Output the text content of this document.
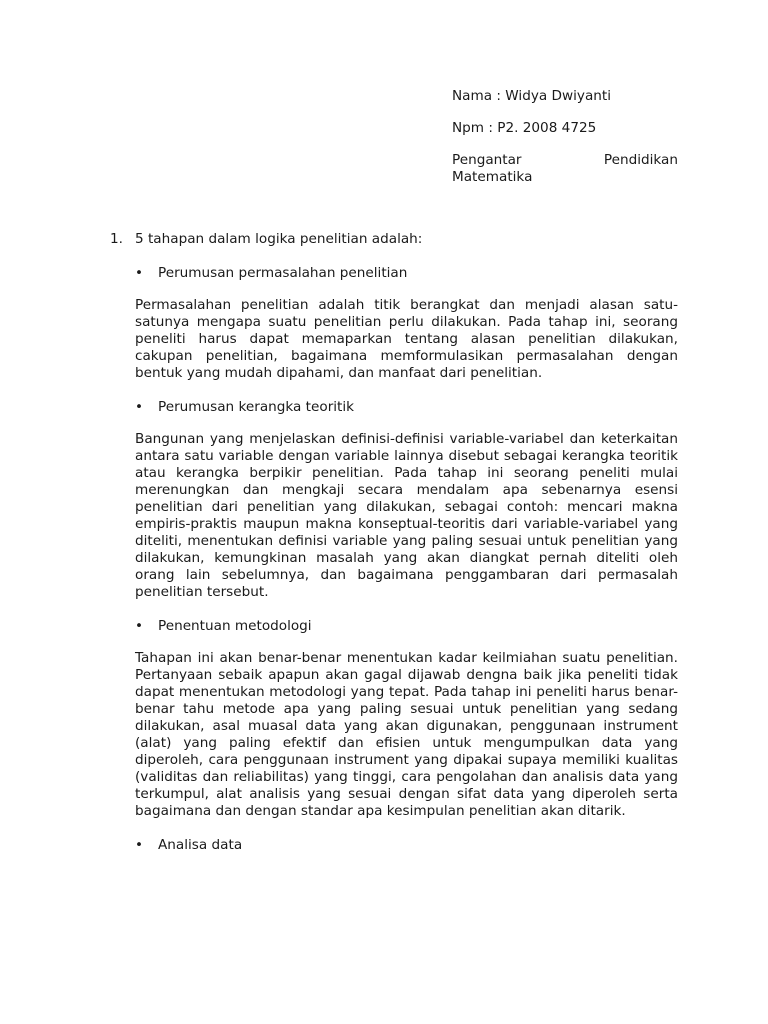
Nama : Widya Dwiyanti
Npm : P2. 2008 4725
Pengantar	Pendidikan
Matematika
1. 5 tahapan dalam logika penelitian adalah:
•	Perumusan permasalahan penelitian
Permasalahan penelitian adalah titik berangkat dan menjadi alasan satu-satunya mengapa suatu penelitian perlu dilakukan. Pada tahap ini, seorang peneliti harus dapat memaparkan tentang alasan penelitian dilakukan, cakupan penelitian, bagaimana memformulasikan permasalahan dengan bentuk yang mudah dipahami, dan manfaat dari penelitian.
•	Perumusan kerangka teoritik
Bangunan yang menjelaskan definisi-definisi variable-variabel dan keterkaitan antara satu variable dengan variable lainnya disebut sebagai kerangka teoritik atau kerangka berpikir penelitian. Pada tahap ini seorang peneliti mulai merenungkan dan mengkaji secara mendalam apa sebenarnya esensi penelitian dari penelitian yang dilakukan, sebagai contoh: mencari makna empiris-praktis maupun makna konseptual-teoritis dari variable-variabel yang diteliti, menentukan definisi variable yang paling sesuai untuk penelitian yang dilakukan, kemungkinan masalah yang akan diangkat pernah diteliti oleh orang lain sebelumnya, dan bagaimana penggambaran dari permasalah penelitian tersebut.
•	Penentuan metodologi
Tahapan ini akan benar-benar menentukan kadar keilmiahan suatu penelitian. Pertanyaan sebaik apapun akan gagal dijawab dengna baik jika peneliti tidak dapat menentukan metodologi yang tepat. Pada tahap ini peneliti harus benar-benar tahu metode apa yang paling sesuai untuk penelitian yang sedang dilakukan, asal muasal data yang akan digunakan, penggunaan instrument (alat) yang paling efektif dan efisien untuk mengumpulkan data yang diperoleh, cara penggunaan instrument yang dipakai supaya memiliki kualitas (validitas dan reliabilitas) yang tinggi, cara pengolahan dan analisis data yang terkumpul, alat analisis yang sesuai dengan sifat data yang diperoleh serta bagaimana dan dengan standar apa kesimpulan penelitian akan ditarik.
•	Analisa data
